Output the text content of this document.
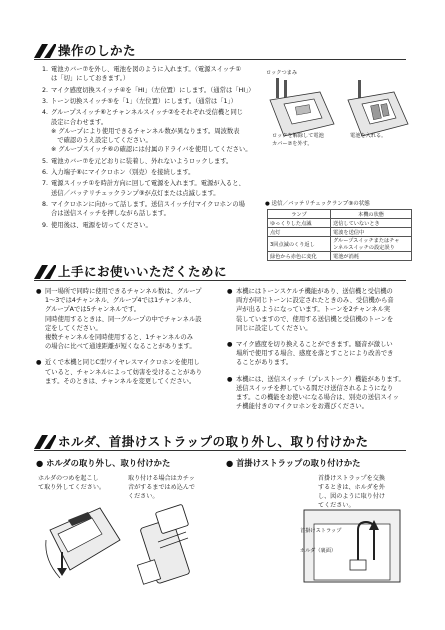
操作のしかた
1. 電池カバー⑦を外し、電池を図のように入れます。（電源スイッチ①
は「切」にしておきます。）
2. マイク感度切換スイッチ④を「HI」（左位置）にします。（通常は「HI」）
3. トーン切換スイッチ⑤を「1」（左位置）にします。（通常は「1」）
4. グループスイッチ⑥とチャンネルスイッチ②をそれぞれ受信機と同じ
設定に合わせます。
※ グループにより使用できるチャンネル数が異なります。周波数表
　で確認のうえ設定してください。
※ グループスイッチ⑥の確認には付属のドライバを使用してください。
5. 電池カバー⑦を元どおりに装着し、外れないようロックします。
6. 入力端子⑧にマイクロホン（別売）を接続します。
7. 電源スイッチ①を時計方向に回して電源を入れます。電源が入ると、
送信／バッテリチェックランプ⑨が点灯または点滅します。
8. マイクロホンに向かって話します。送信スイッチ付マイクロホンの場
合は送信スイッチを押しながら話します。
9. 使用後は、電源を切ってください。
ロックつまみ
ロックを解除して電池
カバー⑦を外す。
電池を入れる。
● 送信／バッテリチェックランプ⑨の状態
ランプ	本機の状態

ゆっくりした点滅	送信していないとき

点灯	電波を送信中

3回点滅のくり返し	グループスイッチまたはチャ
ンネルスイッチの設定誤り

緑色から赤色に変化	電池が消耗
上手にお使いいただくために
● 同一場所で同時に使用できるチャンネル数は、グループ
1〜3では4チャンネル、グループ4では1チャンネル、
グループAでは5チャンネルです。
同時使用するときは、同一グループの中でチャンネル設
定をしてください。
複数チャンネルを同時使用すると、1チャンネルのみ
の場合に比べて通達距離が短くなることがあります。
● 近くで本機と同じC型ワイヤレスマイクロホンを使用し
ていると、チャンネルによって妨害を受けることがあり
ます。そのときは、チャンネルを変更してください。
● 本機にはトーンスケルチ機能があり、送信機と受信機の
両方が同じトーンに設定されたときのみ、受信機から音
声が出るようになっています。トーンを2チャンネル実
装していますので、使用する送信機と受信機のトーンを
同じに設定してください。
● マイク感度を切り換えることができます。騒音が激しい
場所で使用する場合、感度を落とすことにより改善でき
ることがあります。
● 本機には、送信スイッチ（プレストーク）機能があります。
送信スイッチを押している間だけ送信されるようになり
ます。この機能をお使いになる場合は、別売の送信スイッ
チ機能付きのマイクロホンをお選びください。
ホルダ、首掛けストラップの取り外し、取り付けかた
● ホルダの取り外し、取り付けかた
ホルダのつめを起こし
て取り外してください。
取り付ける場合はカチッ
音がするまではめ込んで
ください。
● 首掛けストラップの取り付けかた
首掛けストラップを交換
するときは、ホルダを外
し、図のように取り付け
てください。
首掛けストラップ
ホルダ（裏面）
